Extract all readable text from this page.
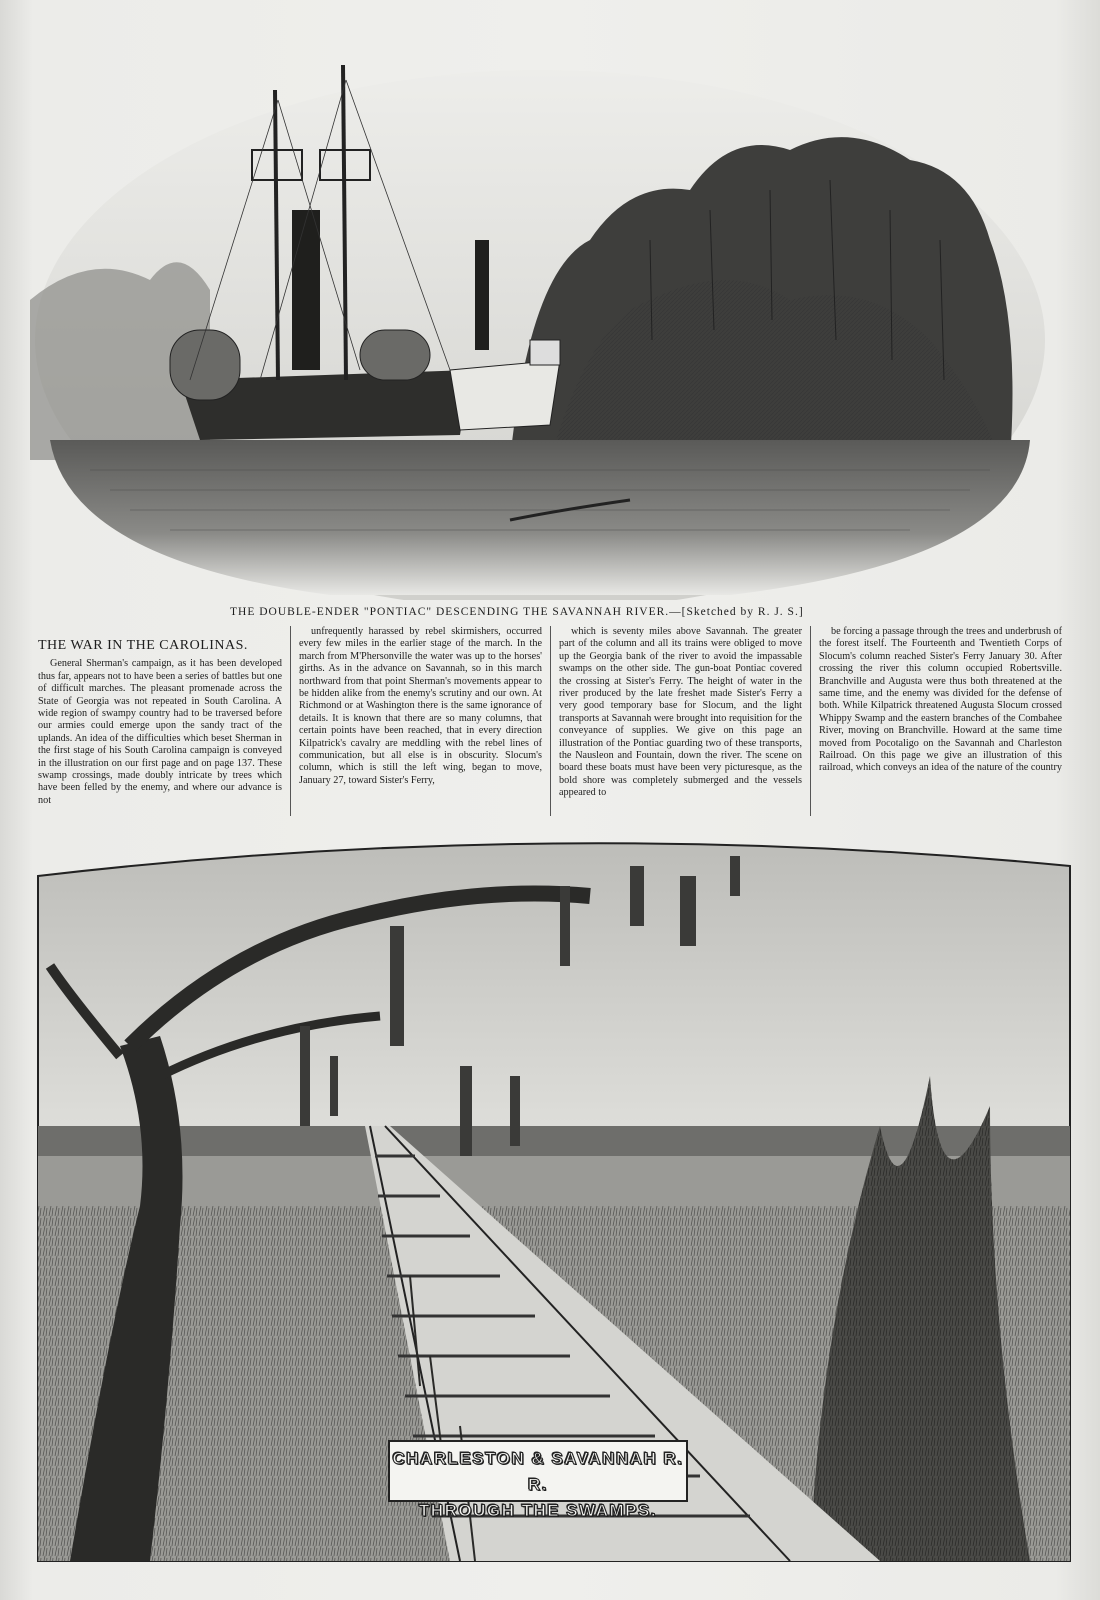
THE DOUBLE-ENDER "PONTIAC" DESCENDING THE SAVANNAH RIVER.—[Sketched by R. J. S.]
THE WAR IN THE CAROLINAS.

General Sherman's campaign, as it has been developed thus far, appears not to have been a series of battles but one of difficult marches. The pleasant promenade across the State of Georgia was not repeated in South Carolina. A wide region of swampy country had to be traversed before our armies could emerge upon the sandy tract of the uplands. An idea of the difficulties which beset Sherman in the first stage of his South Carolina campaign is conveyed in the illustration on our first page and on page 137. These swamp crossings, made doubly intricate by trees which have been felled by the enemy, and where our advance is not

unfrequently harassed by rebel skirmishers, occurred every few miles in the earlier stage of the march. In the march from M'Phersonville the water was up to the horses' girths. As in the advance on Savannah, so in this march northward from that point Sherman's movements appear to be hidden alike from the enemy's scrutiny and our own. At Richmond or at Washington there is the same ignorance of details. It is known that there are so many columns, that certain points have been reached, that in every direction Kilpatrick's cavalry are meddling with the rebel lines of communication, but all else is in obscurity. Slocum's column, which is still the left wing, began to move, January 27, toward Sister's Ferry,

which is seventy miles above Savannah. The greater part of the column and all its trains were obliged to move up the Georgia bank of the river to avoid the impassable swamps on the other side. The gun-boat Pontiac covered the crossing at Sister's Ferry. The height of water in the river produced by the late freshet made Sister's Ferry a very good temporary base for Slocum, and the light transports at Savannah were brought into requisition for the conveyance of supplies. We give on this page an illustration of the Pontiac guarding two of these transports, the Nausleon and Fountain, down the river. The scene on board these boats must have been very picturesque, as the bold shore was completely submerged and the vessels appeared to

be forcing a passage through the trees and underbrush of the forest itself. The Fourteenth and Twentieth Corps of Slocum's column reached Sister's Ferry January 30. After crossing the river this column occupied Robertsville. Branchville and Augusta were thus both threatened at the same time, and the enemy was divided for the defense of both. While Kilpatrick threatened Augusta Slocum crossed Whippy Swamp and the eastern branches of the Combahee River, moving on Branchville. Howard at the same time moved from Pocotaligo on the Savannah and Charleston Railroad. On this page we give an illustration of this railroad, which conveys an idea of the nature of the country

CHARLESTON & SAVANNAH R. R.
THROUGH THE SWAMPS.
